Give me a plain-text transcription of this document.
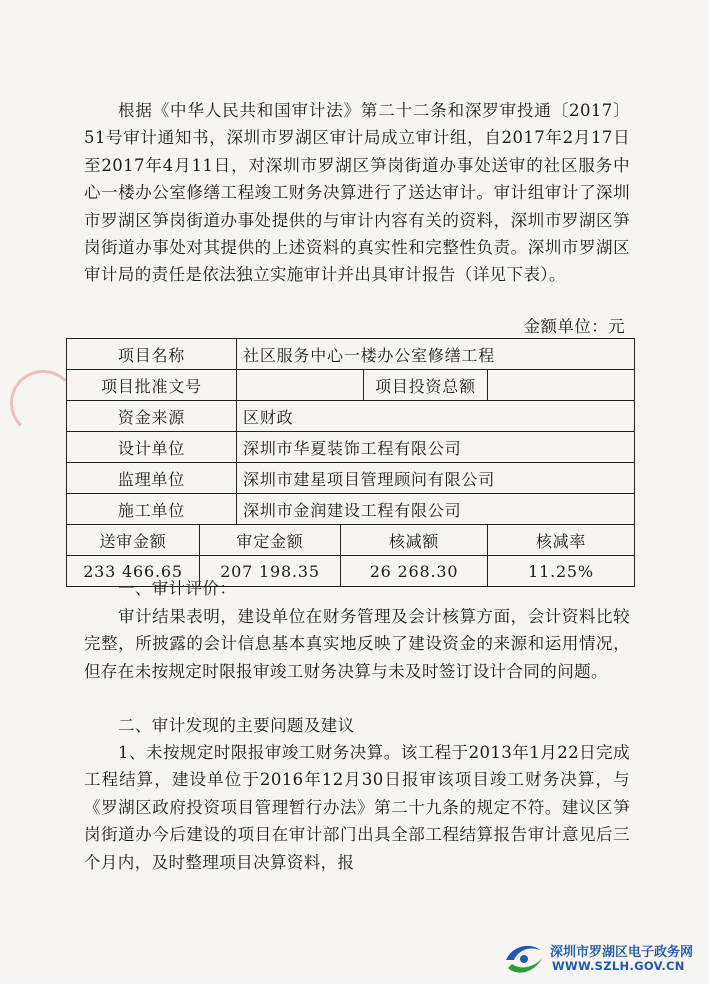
根据《中华人民共和国审计法》第二十二条和深罗审投通〔2017〕51号审计通知书，深圳市罗湖区审计局成立审计组，自2017年2月17日至2017年4月11日，对深圳市罗湖区笋岗街道办事处送审的社区服务中心一楼办公室修缮工程竣工财务决算进行了送达审计。审计组审计了深圳市罗湖区笋岗街道办事处提供的与审计内容有关的资料，深圳市罗湖区笋岗街道办事处对其提供的上述资料的真实性和完整性负责。深圳市罗湖区审计局的责任是依法独立实施审计并出具审计报告（详见下表）。
金额单位：元
项目名称		社区服务中心一楼办公室修缮工程			
项目批准文号				项目投资总额	
资金来源		区财政			
设计单位		深圳市华夏装饰工程有限公司			
监理单位		深圳市建星项目管理顾问有限公司			
施工单位		深圳市金润建设工程有限公司			
送审金额	审定金额		核减额		核减率
233 466.65	207 198.35		26 268.30		11.25%
一、审计评价：
审计结果表明，建设单位在财务管理及会计核算方面，会计资料比较完整，所披露的会计信息基本真实地反映了建设资金的来源和运用情况，但存在未按规定时限报审竣工财务决算与未及时签订设计合同的问题。
二、审计发现的主要问题及建议
1、未按规定时限报审竣工财务决算。该工程于2013年1月22日完成工程结算，建设单位于2016年12月30日报审该项目竣工财务决算，与《罗湖区政府投资项目管理暂行办法》第二十九条的规定不符。建议区笋岗街道办今后建设的项目在审计部门出具全部工程结算报告审计意见后三个月内，及时整理项目决算资料，报
深圳市罗湖区电子政务网
WWW.SZLH.GOV.CN
